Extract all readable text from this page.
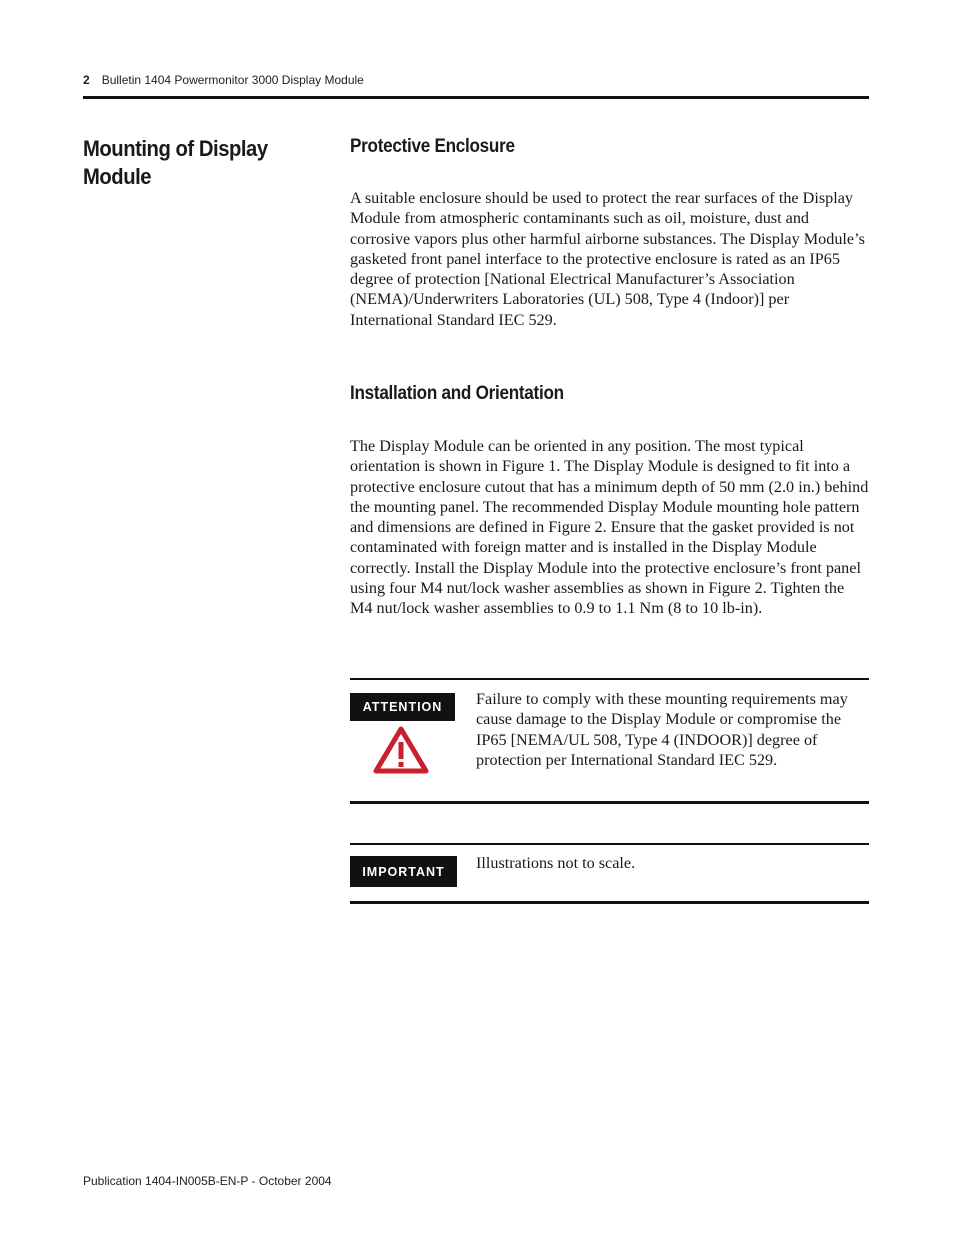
2 Bulletin 1404 Powermonitor 3000 Display Module
Mounting of Display Module
Protective Enclosure

A suitable enclosure should be used to protect the rear surfaces of the Display Module from atmospheric contaminants such as oil, moisture, dust and corrosive vapors plus other harmful airborne substances. The Display Module’s gasketed front panel interface to the protective enclosure is rated as an IP65 degree of protection [National Electrical Manufacturer’s Association (NEMA)/Underwriters Laboratories (UL) 508, Type 4 (Indoor)] per International Standard IEC 529.

Installation and Orientation

The Display Module can be oriented in any position. The most typical orientation is shown in Figure 1. The Display Module is designed to fit into a protective enclosure cutout that has a minimum depth of 50 mm (2.0 in.) behind the mounting panel. The recommended Display Module mounting hole pattern and dimensions are defined in Figure 2. Ensure that the gasket provided is not contaminated with foreign matter and is installed in the Display Module correctly. Install the Display Module into the protective enclosure’s front panel using four M4 nut/lock washer assemblies as shown in Figure 2. Tighten the M4 nut/lock washer assemblies to 0.9 to 1.1 Nm (8 to 10 lb-in).

ATTENTION	Failure to comply with these mounting requirements may cause damage to the Display Module or compromise the IP65 [NEMA/UL 508, Type 4 (INDOOR)] degree of protection per International Standard IEC 529.

IMPORTANT	Illustrations not to scale.

Publication 1404-IN005B-EN-P - October 2004
